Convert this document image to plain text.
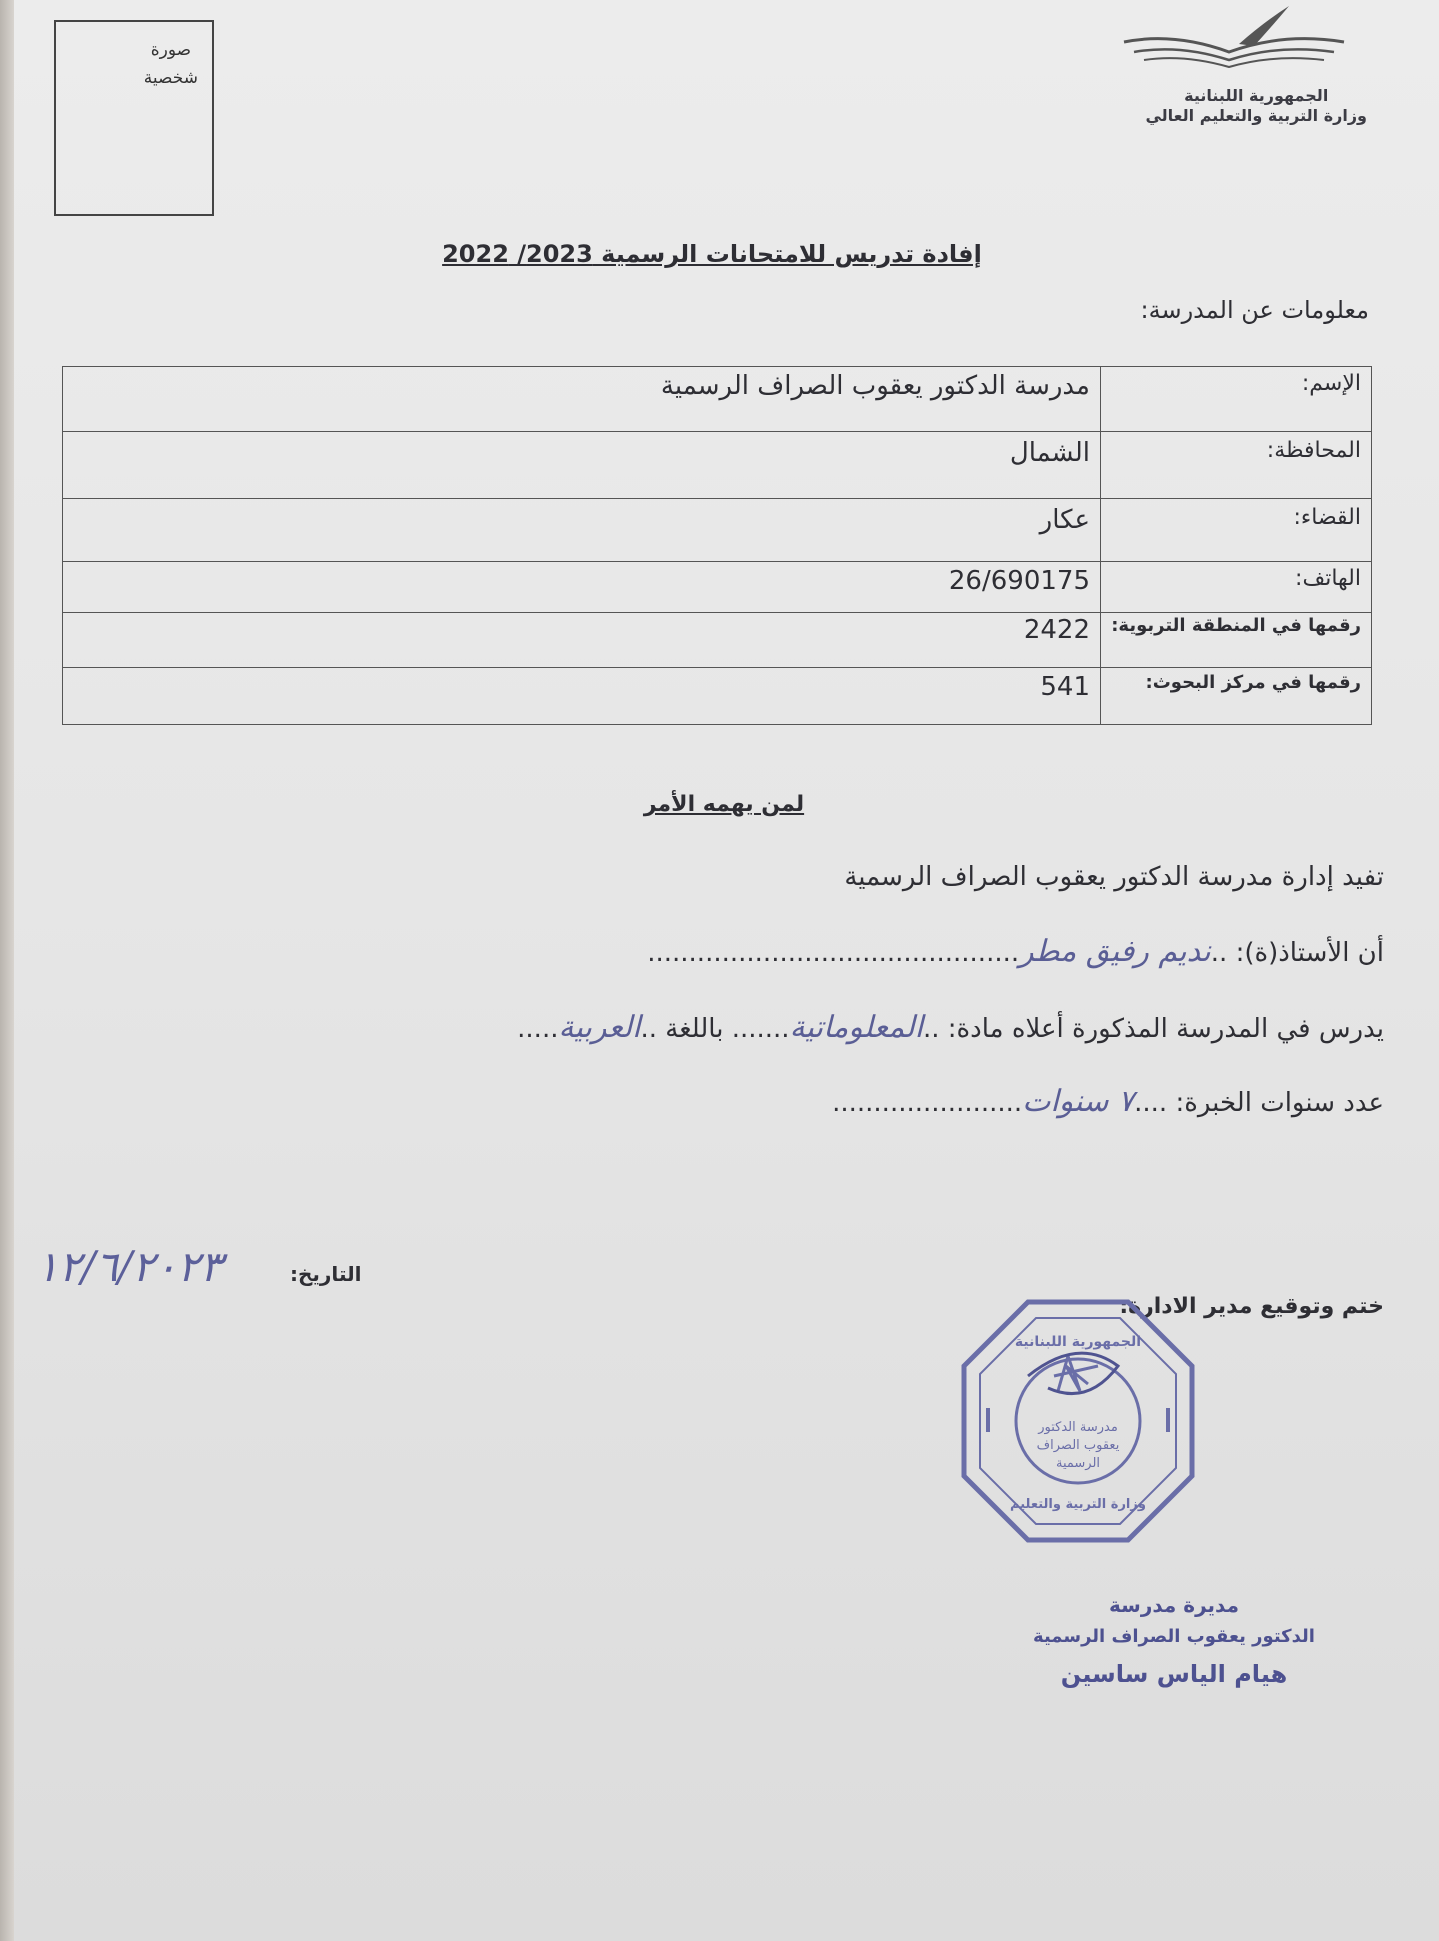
الجمهورية اللبنانية
وزارة التربية والتعليم العالي
صورة
شخصية
إفادة تدريس للامتحانات الرسمية 2023/ 2022
معلومات عن المدرسة:
الإسم:	مدرسة الدكتور يعقوب الصراف الرسمية
المحافظة:	الشمال
القضاء:	عكار
الهاتف:	26/690175
رقمها في المنطقة التربوية:	2422
رقمها في مركز البحوث:	541
لمن يهمه الأمر
تفيد إدارة مدرسة الدكتور يعقوب الصراف الرسمية
أن الأستاذ(ة): ..نديم رفيق مطر.............................................
يدرس في المدرسة المذكورة أعلاه مادة: ..المعلوماتية....... باللغة ..العربية.....
عدد سنوات الخبرة: ....٧ سنوات.......................
التاريخ:
١٢/٦/٢٠٢٣
ختم وتوقيع مدير الادارة:
الجمهورية اللبنانية
وزارة التربية والتعليم
مدرسة الدكتور
يعقوب الصراف
الرسمية
مديرة مدرسة
الدكتور يعقوب الصراف الرسمية
هيام الياس ساسين
